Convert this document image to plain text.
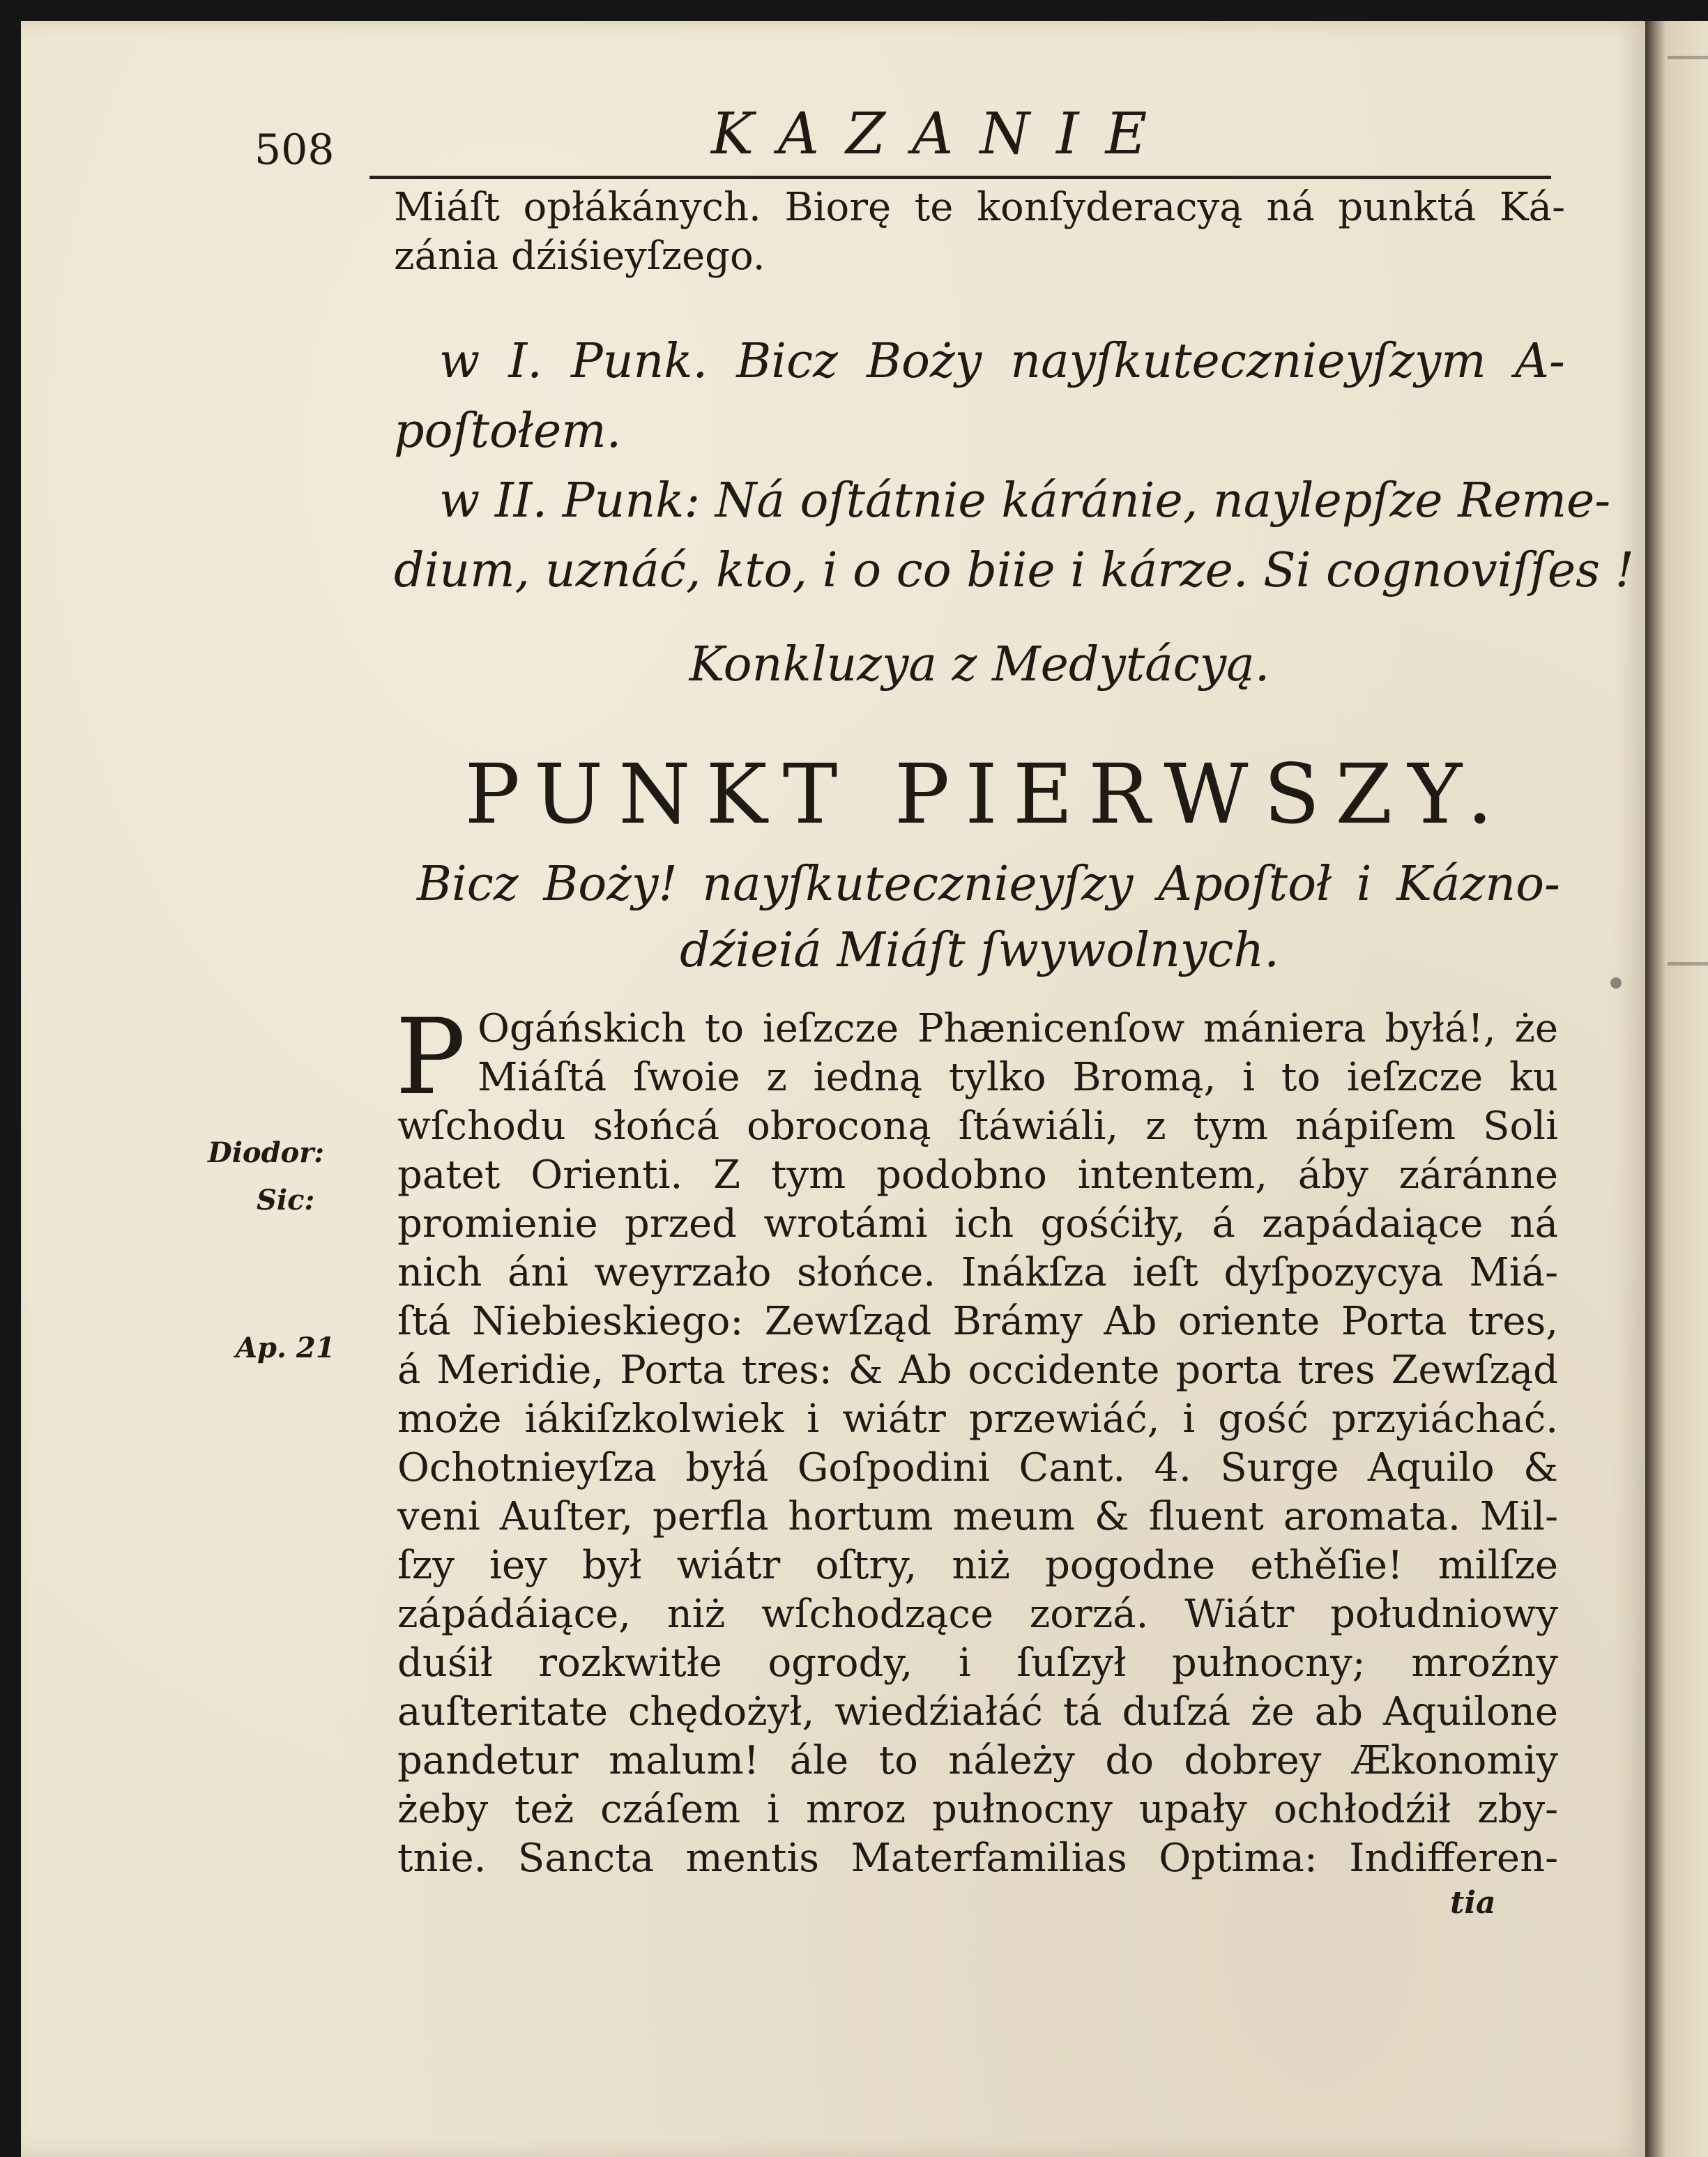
508	KAZANIE
Miáſt opłákánych. Biorę te konſyderacyą ná punktá Ká-
zánia dźiśieyſzego.
w I. Punk. Bicz Boży nayſkutecznieyſzym A-
poſtołem.
w II. Punk: Ná oſtátnie káránie, naylepſze Reme-
dium, uznáć, kto, i o co biie i kárze. Si cognoviſſes !
Konkluzya z Medytácyą.
PUNKT PIERWSZY.
Bicz Boży! nayſkutecznieyſzy Apoſtoł i Kázno-
dźieiá Miáſt ſwywolnych.
P Ogáńskich to ieſzcze Phænicenſow mániera byłá!, że
Miáſtá ſwoie z iedną tylko Bromą, i to ieſzcze ku
wſchodu słońcá obroconą ſtáwiáli, z tym nápiſem Soli
patet Orienti. Z tym podobno intentem, áby záránne
promienie przed wrotámi ich gośćiły, á zapádaiące ná
nich áni weyrzało słońce. Inákſza ieſt dyſpozycya Miá-
ſtá Niebieskiego: Zewſząd Brámy Ab oriente Porta tres,
á Meridie, Porta tres: & Ab occidente porta tres Zewſząd
może iákiſzkolwiek i wiátr przewiáć, i gość przyiáchać.
Ochotnieyſza byłá Goſpodini Cant. 4. Surge Aquilo &
veni Auſter, perfla hortum meum & fluent aromata. Mil-
ſzy iey był wiátr oſtry, niż pogodne ethěſie! milſze
zápádáiące, niż wſchodzące zorzá. Wiátr południowy
duśił rozkwitłe ogrody, i ſuſzył pułnocny; mroźny
auſteritate chędożył, wiedźiałáć tá duſzá że ab Aquilone
pandetur malum! ále to náleży do dobrey Ækonomiy
żeby też czáſem i mroz pułnocny upały ochłodźił zby-
tnie. Sancta mentis Materfamilias Optima: Indifferen-
tia
Diodor:
Sic:
Ap. 21
